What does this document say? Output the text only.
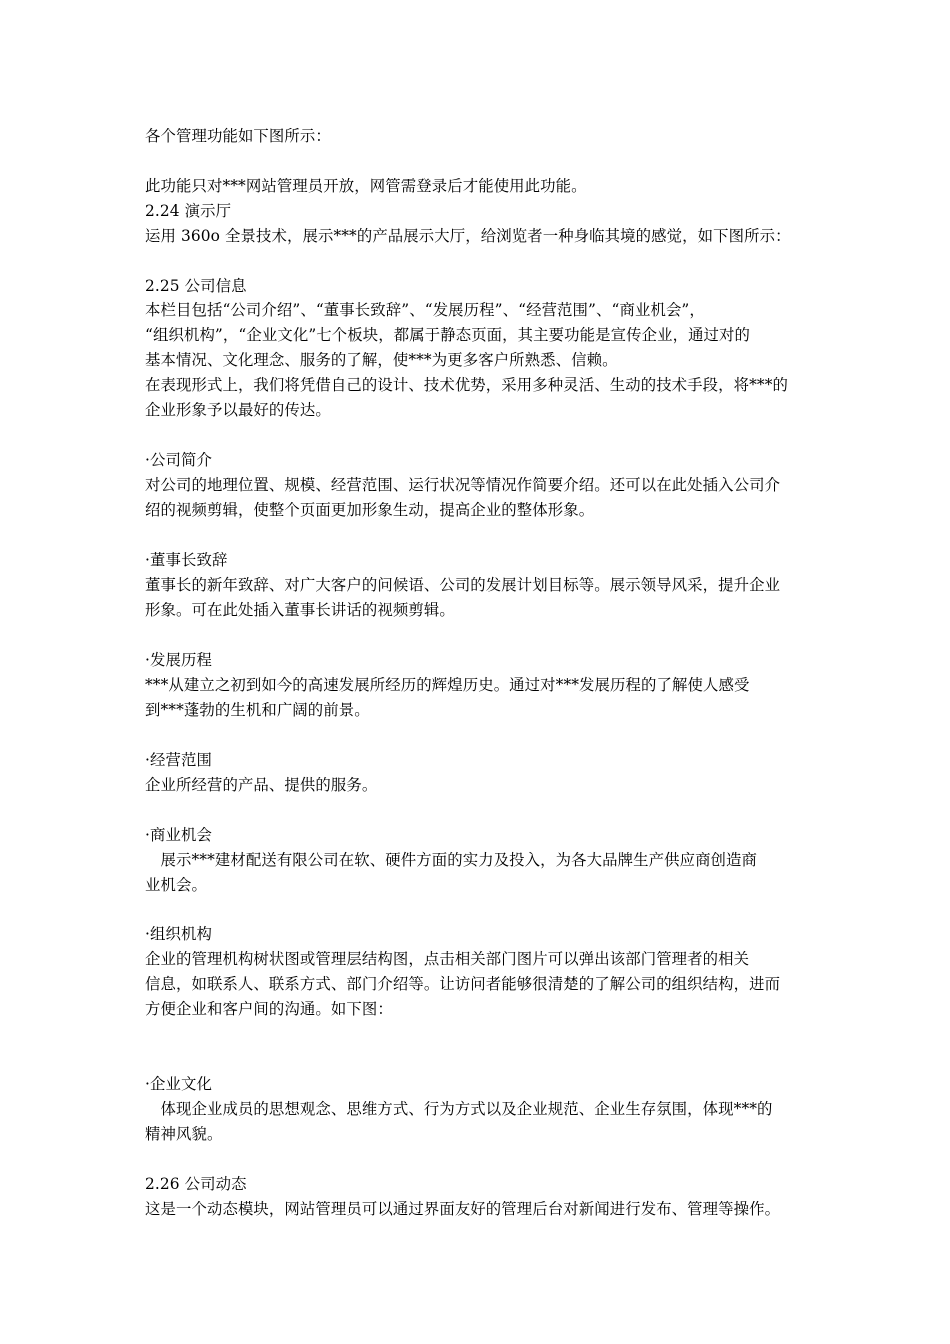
各个管理功能如下图所示：
此功能只对***网站管理员开放，网管需登录后才能使用此功能。
2.24 演示厅
运用 360o 全景技术，展示***的产品展示大厅，给浏览者一种身临其境的感觉，如下图所示：
2.25 公司信息
本栏目包括“公司介绍”、“董事长致辞”、“发展历程”、“经营范围”、“商业机会”，
“组织机构”，“企业文化”七个板块，都属于静态页面，其主要功能是宣传企业，通过对的
基本情况、文化理念、服务的了解，使***为更多客户所熟悉、信赖。
在表现形式上，我们将凭借自己的设计、技术优势，采用多种灵活、生动的技术手段，将***的
企业形象予以最好的传达。
·公司简介
对公司的地理位置、规模、经营范围、运行状况等情况作简要介绍。还可以在此处插入公司介
绍的视频剪辑，使整个页面更加形象生动，提高企业的整体形象。
·董事长致辞
董事长的新年致辞、对广大客户的问候语、公司的发展计划目标等。展示领导风采，提升企业
形象。可在此处插入董事长讲话的视频剪辑。
·发展历程
***从建立之初到如今的高速发展所经历的辉煌历史。通过对***发展历程的了解使人感受
到***蓬勃的生机和广阔的前景。
·经营范围
企业所经营的产品、提供的服务。
·商业机会
　展示***建材配送有限公司在软、硬件方面的实力及投入，为各大品牌生产供应商创造商
业机会。
·组织机构
企业的管理机构树状图或管理层结构图，点击相关部门图片可以弹出该部门管理者的相关
信息，如联系人、联系方式、部门介绍等。让访问者能够很清楚的了解公司的组织结构，进而
方便企业和客户间的沟通。如下图：
·企业文化
　体现企业成员的思想观念、思维方式、行为方式以及企业规范、企业生存氛围，体现***的
精神风貌。
2.26 公司动态
这是一个动态模块，网站管理员可以通过界面友好的管理后台对新闻进行发布、管理等操作。
